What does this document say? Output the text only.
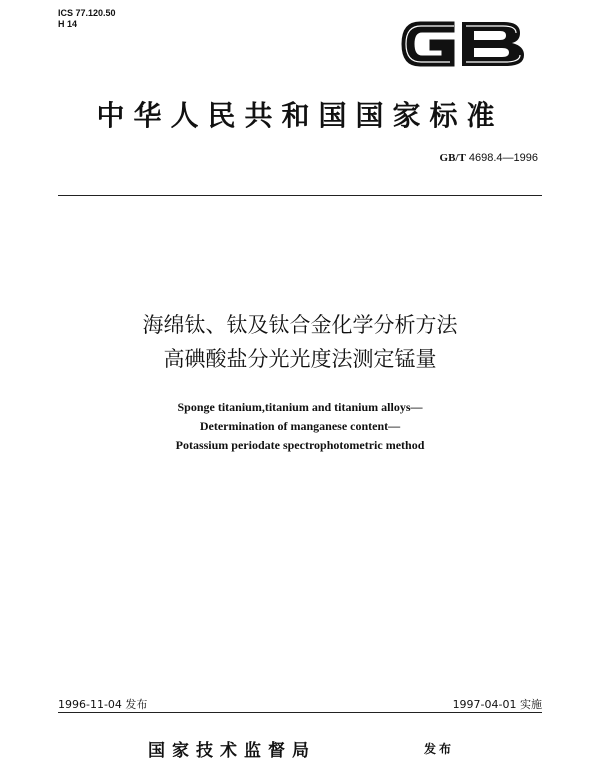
ICS 77.120.50
H 14
中华人民共和国国家标准
GB/T 4698.4—1996
海绵钛、钛及钛合金化学分析方法
高碘酸盐分光光度法测定锰量
Sponge titanium,titanium and titanium alloys—
Determination of manganese content—
Potassium periodate spectrophotometric method
1996-11-04 发布	1997-04-01 实施
国家技术监督局	发布
